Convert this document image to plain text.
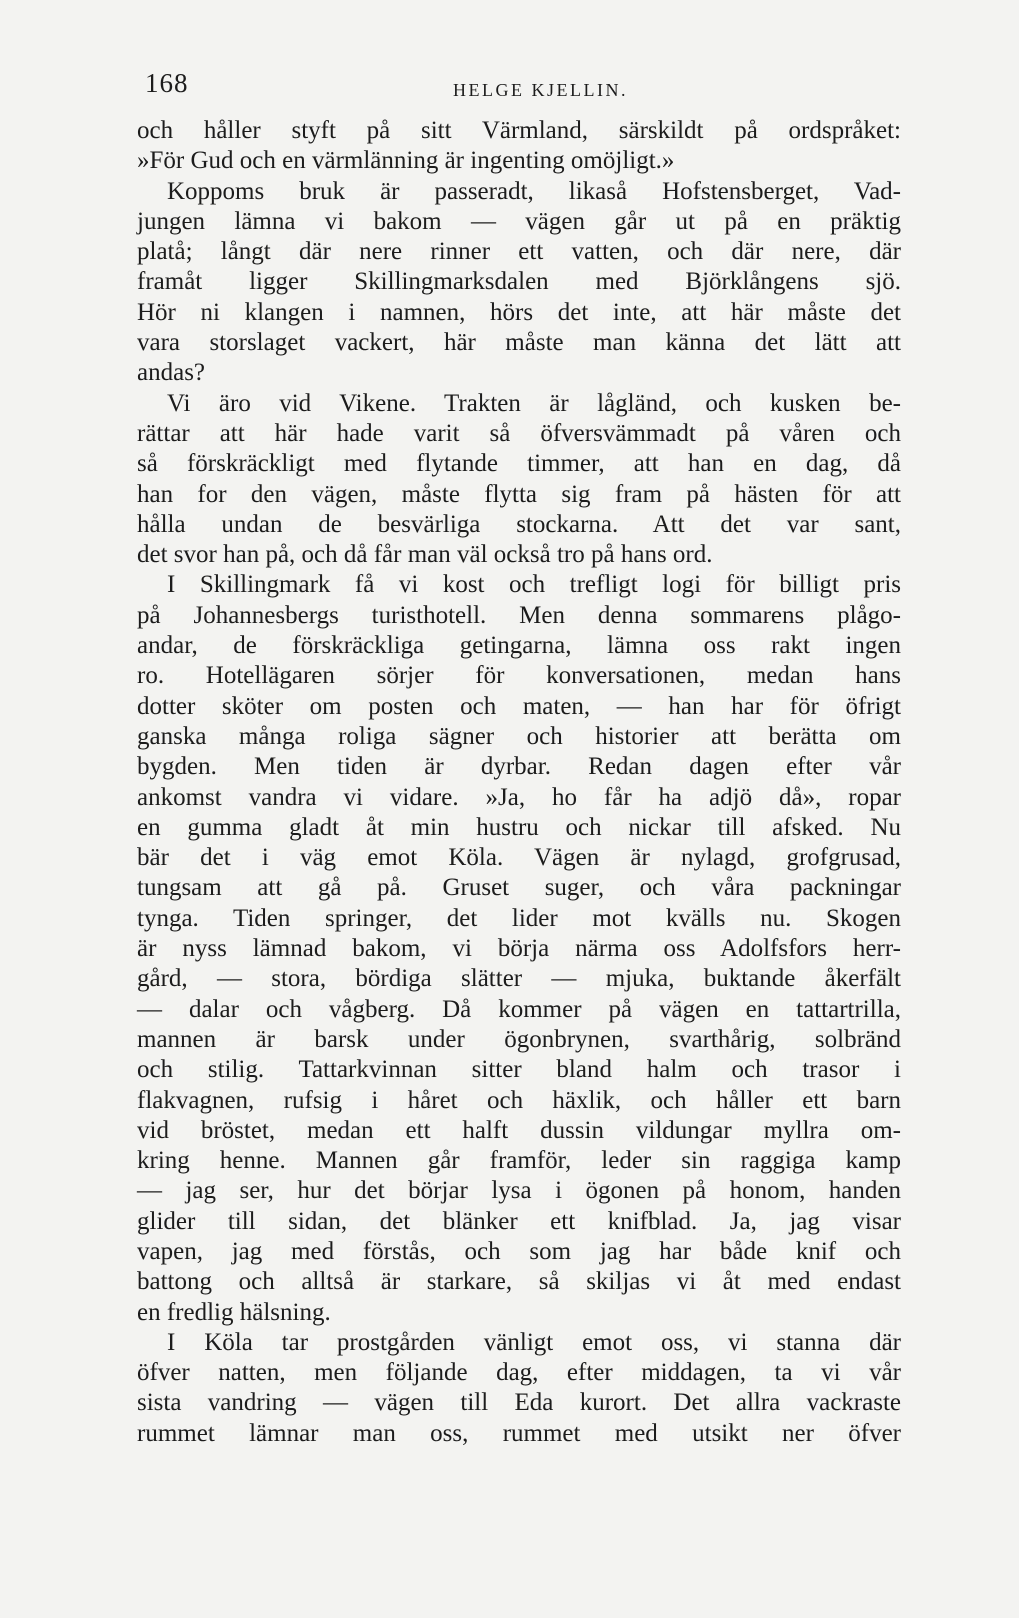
168	HELGE KJELLIN.
och håller styft på sitt Värmland, särskildt på ordspråket:
»För Gud och en värmlänning är ingenting omöjligt.»
Koppoms bruk är passeradt, likaså Hofstensberget, Vad-
jungen lämna vi bakom — vägen går ut på en präktig
platå; långt där nere rinner ett vatten, och där nere, där
framåt ligger Skillingmarksdalen med Björklångens sjö.
Hör ni klangen i namnen, hörs det inte, att här måste det
vara storslaget vackert, här måste man känna det lätt att
andas?
Vi äro vid Vikene. Trakten är lågländ, och kusken be-
rättar att här hade varit så öfversvämmadt på våren och
så förskräckligt med flytande timmer, att han en dag, då
han for den vägen, måste flytta sig fram på hästen för att
hålla undan de besvärliga stockarna. Att det var sant,
det svor han på, och då får man väl också tro på hans ord.
I Skillingmark få vi kost och trefligt logi för billigt pris
på Johannesbergs turisthotell. Men denna sommarens plågo-
andar, de förskräckliga getingarna, lämna oss rakt ingen
ro. Hotellägaren sörjer för konversationen, medan hans
dotter sköter om posten och maten, — han har för öfrigt
ganska många roliga sägner och historier att berätta om
bygden. Men tiden är dyrbar. Redan dagen efter vår
ankomst vandra vi vidare. »Ja, ho får ha adjö då», ropar
en gumma gladt åt min hustru och nickar till afsked. Nu
bär det i väg emot Köla. Vägen är nylagd, grofgrusad,
tungsam att gå på. Gruset suger, och våra packningar
tynga. Tiden springer, det lider mot kvälls nu. Skogen
är nyss lämnad bakom, vi börja närma oss Adolfsfors herr-
gård, — stora, bördiga slätter — mjuka, buktande åkerfält
— dalar och vågberg. Då kommer på vägen en tattartrilla,
mannen är barsk under ögonbrynen, svarthårig, solbränd
och stilig. Tattarkvinnan sitter bland halm och trasor i
flakvagnen, rufsig i håret och häxlik, och håller ett barn
vid bröstet, medan ett halft dussin vildungar myllra om-
kring henne. Mannen går framför, leder sin raggiga kamp
— jag ser, hur det börjar lysa i ögonen på honom, handen
glider till sidan, det blänker ett knifblad. Ja, jag visar
vapen, jag med förstås, och som jag har både knif och
battong och alltså är starkare, så skiljas vi åt med endast
en fredlig hälsning.
I Köla tar prostgården vänligt emot oss, vi stanna där
öfver natten, men följande dag, efter middagen, ta vi vår
sista vandring — vägen till Eda kurort. Det allra vackraste
rummet lämnar man oss, rummet med utsikt ner öfver
